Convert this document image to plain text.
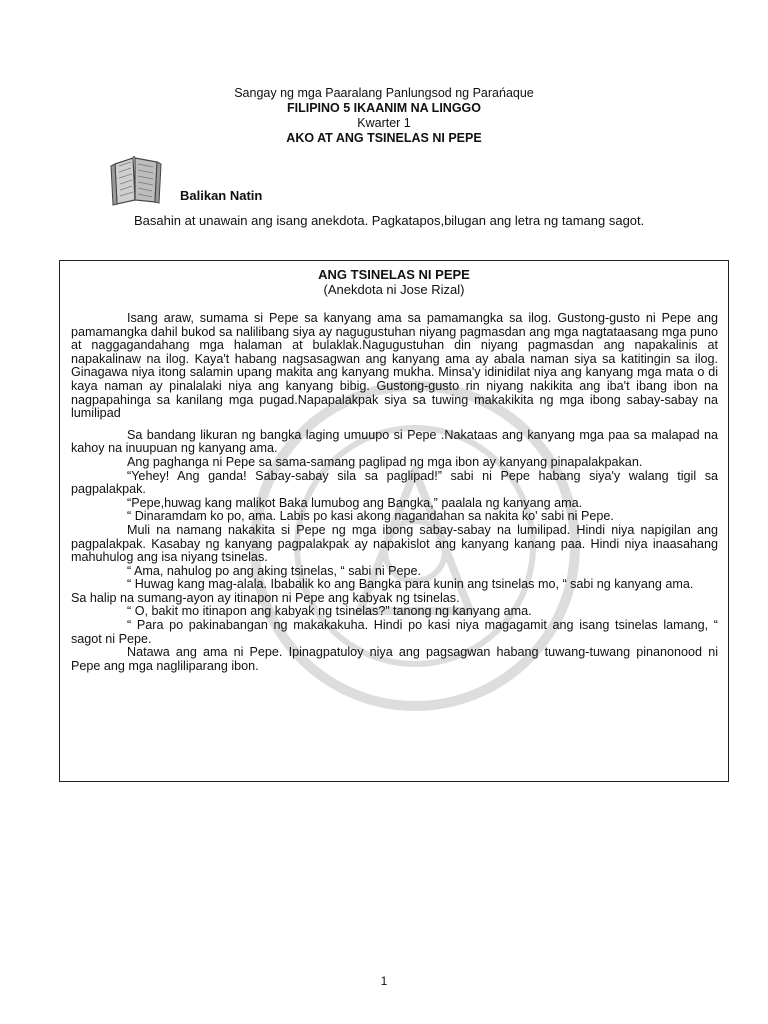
Sangay ng mga Paaralang Panlungsod ng Parańaque
FILIPINO 5 IKAANIM NA LINGGO
Kwarter 1
AKO AT ANG TSINELAS NI PEPE
Balikan Natin
Basahin at unawain ang isang anekdota. Pagkatapos,bilugan ang letra ng tamang sagot.
ANG TSINELAS NI PEPE
(Anekdota ni Jose Rizal)

Isang araw, sumama si Pepe sa kanyang ama sa pamamangka sa ilog. Gustong-gusto ni Pepe ang pamamangka dahil bukod sa nalilibang siya ay nagugustuhan niyang pagmasdan ang mga nagtataasang mga puno at naggagandahang mga halaman at bulaklak.Nagugustuhan din niyang pagmasdan ang napakalinis at napakalinaw na ilog. Kaya't habang nagsasagwan ang kanyang ama ay abala naman siya sa katitingin sa ilog. Ginagawa niya itong salamin upang makita ang kanyang mukha. Minsa'y idinidilat niya ang kanyang mga mata o di kaya naman ay pinalalaki niya ang kanyang bibig. Gustong-gusto rin niyang nakikita ang iba't ibang ibon na nagpapahinga sa kanilang mga pugad.Napapalakpak siya sa tuwing makakikita ng mga ibong sabay-sabay na lumilipad

Sa bandang likuran ng bangka laging umuupo si Pepe .Nakataas ang kanyang mga paa sa malapad na kahoy na inuupuan ng kanyang ama.

Ang paghanga ni Pepe sa sama-samang paglipad ng mga ibon ay kanyang pinapalakpakan.

“Yehey! Ang ganda! Sabay-sabay sila sa paglipad!” sabi ni Pepe habang siya'y walang tigil sa pagpalakpak.

“Pepe,huwag kang malikot Baka lumubog ang Bangka,” paalala ng kanyang ama.

“ Dinaramdam ko po, ama. Labis po kasi akong nagandahan sa nakita ko' sabi ni Pepe.

Muli na namang nakakita si Pepe ng mga ibong sabay-sabay na lumilipad. Hindi niya napigilan ang pagpalakpak. Kasabay ng kanyang pagpalakpak ay napakislot ang kanyang kanang paa. Hindi niya inaasahang mahuhulog ang isa niyang tsinelas.

“ Ama, nahulog po ang aking tsinelas, “ sabi ni Pepe.

“ Huwag kang mag-alala. Ibabalik ko ang Bangka para kunin ang tsinelas mo, “ sabi ng kanyang ama.

Sa halip na sumang-ayon ay itinapon ni Pepe ang kabyak ng tsinelas.

“ O, bakit mo itinapon ang kabyak ng tsinelas?” tanong ng kanyang ama.

“ Para po pakinabangan ng makakakuha. Hindi po kasi niya magagamit ang isang tsinelas lamang, “ sagot ni Pepe.

Natawa ang ama ni Pepe. Ipinagpatuloy niya ang pagsagwan habang tuwang-tuwang pinanonood ni Pepe ang mga nagliliparang ibon.

1
